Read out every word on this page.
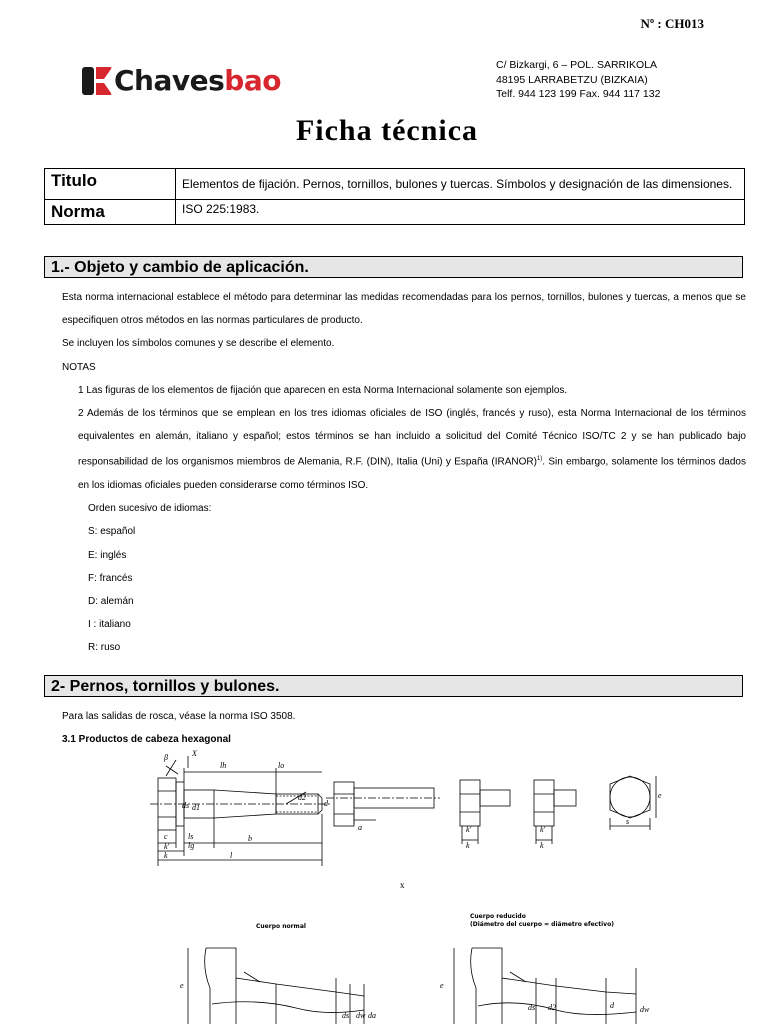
Nº : CH013
Chavesbao	C/ Bizkargi, 6 – POL. SARRIKOLA
48195 LARRABETZU (BIZKAIA)
Telf. 944 123 199 Fax. 944 117 132
Ficha técnica
Titulo	Elementos de fijación. Pernos, tornillos, bulones y tuercas. Símbolos y designación de las dimensiones.
Norma	ISO 225:1983.
1.- Objeto y cambio de aplicación.

Esta norma internacional establece el método para determinar las medidas recomendadas para los pernos, tornillos, bulones y tuercas, a menos que se especifiquen otros métodos en las normas particulares de producto.

Se incluyen los símbolos comunes y se describe el elemento.

NOTAS

1 Las figuras de los elementos de fijación que aparecen en esta Norma Internacional solamente son ejemplos.

2 Además de los términos que se emplean en los tres idiomas oficiales de ISO (inglés, francés y ruso), esta Norma Internacional de los términos equivalentes en alemán, italiano y español; estos términos se han incluido a solicitud del Comité Técnico ISO/TC 2 y se han publicado bajo responsabilidad de los organismos miembros de Alemania, R.F. (DIN), Italia (Uni) y España (IRANOR)$^{1)}$. Sin embargo, solamente los términos dados en los idiomas oficiales pueden considerarse como términos ISO.

Orden sucesivo de idiomas:

S: español

E: inglés

F: francés

D: alemán

I : italiano

R: ruso

2- Pernos, tornillos y bulones.
Para las salidas de rosca, véase la norma ISO 3508.
3.1 Productos de cabeza hexagonal
β	X
lh	lo
ds d1
d2
d
c	ls
lg
b
l
k'
k
a	k'
k
k'
k
s
e
x
Cuerpo normal
Cuerpo reducido
(Diámetro del cuerpo ≈ diámetro efectivo)
e	e
ds dw da
ds d2	d	dw
